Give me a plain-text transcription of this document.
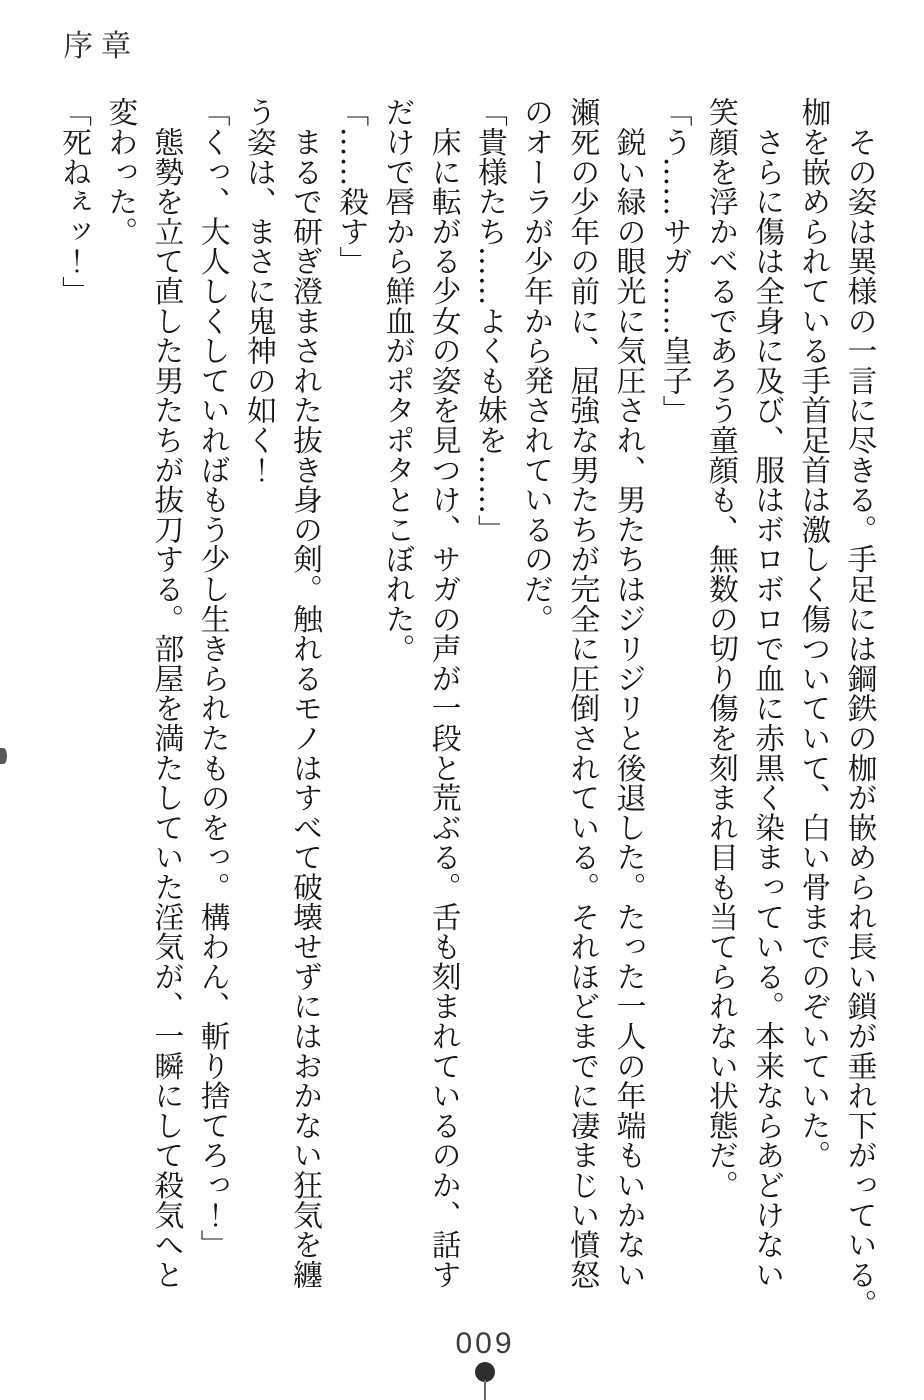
序章

　その姿は異様の一言に尽きる。手足には鋼鉄の枷が嵌められ長い鎖が垂れ下がっている。

枷を嵌められている手首足首は激しく傷ついていて、白い骨までのぞいていた。

　さらに傷は全身に及び、服はボロボロで血に赤黒く染まっている。本来ならあどけない

笑顔を浮かべるであろう童顔も、無数の切り傷を刻まれ目も当てられない状態だ。

「う……サガ……皇子」

　鋭い緑の眼光に気圧され、男たちはジリジリと後退した。たった一人の年端もいかない

瀬死の少年の前に、屈強な男たちが完全に圧倒されている。それほどまでに凄まじい憤怒

のオーラが少年から発されているのだ。

「貴様たち……よくも妹を……」

　床に転がる少女の姿を見つけ、サガの声が一段と荒ぶる。舌も刻まれているのか、話す

だけで唇から鮮血がポタポタとこぼれた。

「……殺す」

　まるで研ぎ澄まされた抜き身の剣。触れるモノはすべて破壊せずにはおかない狂気を纏

う姿は、まさに鬼神の如く！

「くっ、大人しくしていればもう少し生きられたものをっ。構わん、斬り捨てろっ！」

　態勢を立て直した男たちが抜刀する。部屋を満たしていた淫気が、一瞬にして殺気へと

変わった。

「死ねぇッ！」

009
